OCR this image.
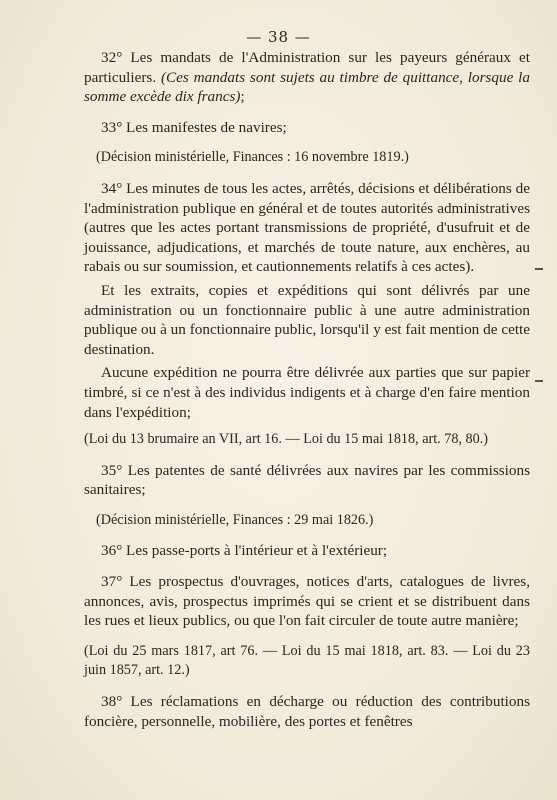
— 38 —

32° Les mandats de l'Administration sur les payeurs généraux et particuliers. (Ces mandats sont sujets au timbre de quittance, lorsque la somme excède dix francs);

33° Les manifestes de navires;

(Décision ministérielle, Finances : 16 novembre 1819.)

34° Les minutes de tous les actes, arrêtés, décisions et délibérations de l'administration publique en général et de toutes autorités administratives (autres que les actes portant transmissions de propriété, d'usufruit et de jouissance, adjudications, et marchés de toute nature, aux enchères, au rabais ou sur soumission, et cautionnements relatifs à ces actes).

Et les extraits, copies et expéditions qui sont délivrés par une administration ou un fonctionnaire public à une autre administration publique ou à un fonctionnaire public, lorsqu'il y est fait mention de cette destination.

Aucune expédition ne pourra être délivrée aux parties que sur papier timbré, si ce n'est à des individus indigents et à charge d'en faire mention dans l'expédition;

(Loi du 13 brumaire an VII, art 16. — Loi du 15 mai 1818, art. 78, 80.)

35° Les patentes de santé délivrées aux navires par les commissions sanitaires;

(Décision ministérielle, Finances : 29 mai 1826.)

36° Les passe-ports à l'intérieur et à l'extérieur;

37° Les prospectus d'ouvrages, notices d'arts, catalogues de livres, annonces, avis, prospectus imprimés qui se crient et se distribuent dans les rues et lieux publics, ou que l'on fait circuler de toute autre manière;

(Loi du 25 mars 1817, art 76. — Loi du 15 mai 1818, art. 83. — Loi du 23 juin 1857, art. 12.)

38° Les réclamations en décharge ou réduction des contributions foncière, personnelle, mobilière, des portes et fenêtres
